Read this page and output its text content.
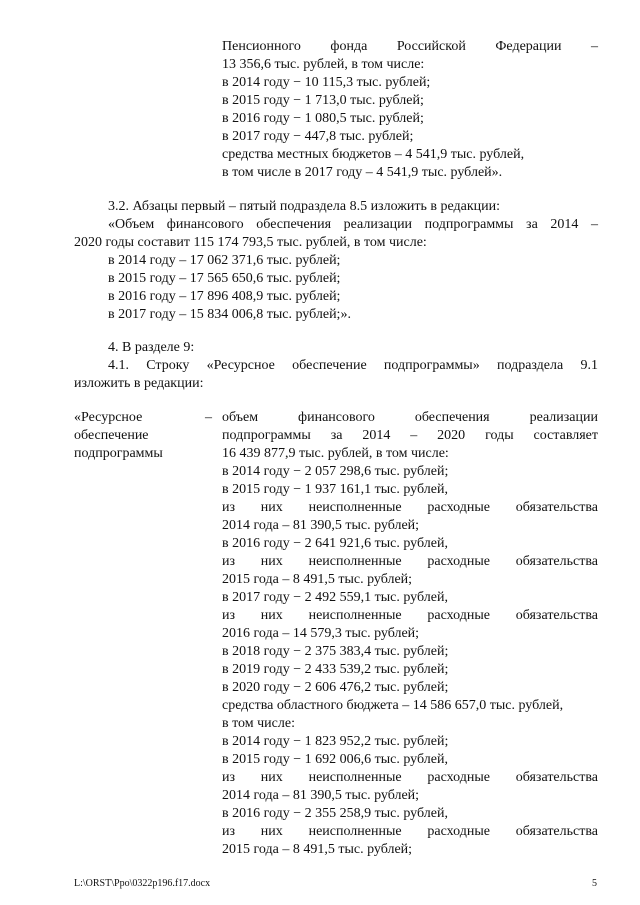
Пенсионного фонда Российской Федерации –
13 356,6 тыс. рублей, в том числе:
в 2014 году − 10 115,3 тыс. рублей;
в 2015 году − 1 713,0 тыс. рублей;
в 2016 году − 1 080,5 тыс. рублей;
в 2017 году − 447,8 тыс. рублей;
средства местных бюджетов – 4 541,9 тыс. рублей,
в том числе в 2017 году – 4 541,9 тыс. рублей».
3.2. Абзацы первый – пятый подраздела 8.5 изложить в редакции:
«Объем финансового обеспечения реализации подпрограммы за 2014 –
2020 годы составит 115 174 793,5 тыс. рублей, в том числе:
в 2014 году – 17 062 371,6 тыс. рублей;
в 2015 году – 17 565 650,6 тыс. рублей;
в 2016 году – 17 896 408,9 тыс. рублей;
в 2017 году – 15 834 006,8 тыс. рублей;».
4. В разделе 9:
4.1. Строку «Ресурсное обеспечение подпрограммы» подраздела 9.1
изложить в редакции:
«Ресурсное
обеспечение
подпрограммы
– объем финансового обеспечения реализации
подпрограммы за 2014 – 2020 годы составляет
16 439 877,9 тыс. рублей, в том числе:
в 2014 году − 2 057 298,6 тыс. рублей;
в 2015 году − 1 937 161,1 тыс. рублей,
из них неисполненные расходные обязательства
2014 года – 81 390,5 тыс. рублей;
в 2016 году − 2 641 921,6 тыс. рублей,
из них неисполненные расходные обязательства
2015 года – 8 491,5 тыс. рублей;
в 2017 году − 2 492 559,1 тыс. рублей,
из них неисполненные расходные обязательства
2016 года – 14 579,3 тыс. рублей;
в 2018 году − 2 375 383,4 тыс. рублей;
в 2019 году − 2 433 539,2 тыс. рублей;
в 2020 году − 2 606 476,2 тыс. рублей;
средства областного бюджета – 14 586 657,0 тыс. рублей,
в том числе:
в 2014 году − 1 823 952,2 тыс. рублей;
в 2015 году − 1 692 006,6 тыс. рублей,
из них неисполненные расходные обязательства
2014 года – 81 390,5 тыс. рублей;
в 2016 году − 2 355 258,9 тыс. рублей,
из них неисполненные расходные обязательства
2015 года – 8 491,5 тыс. рублей;
L:\ORST\Ppo\0322p196.f17.docx	5
